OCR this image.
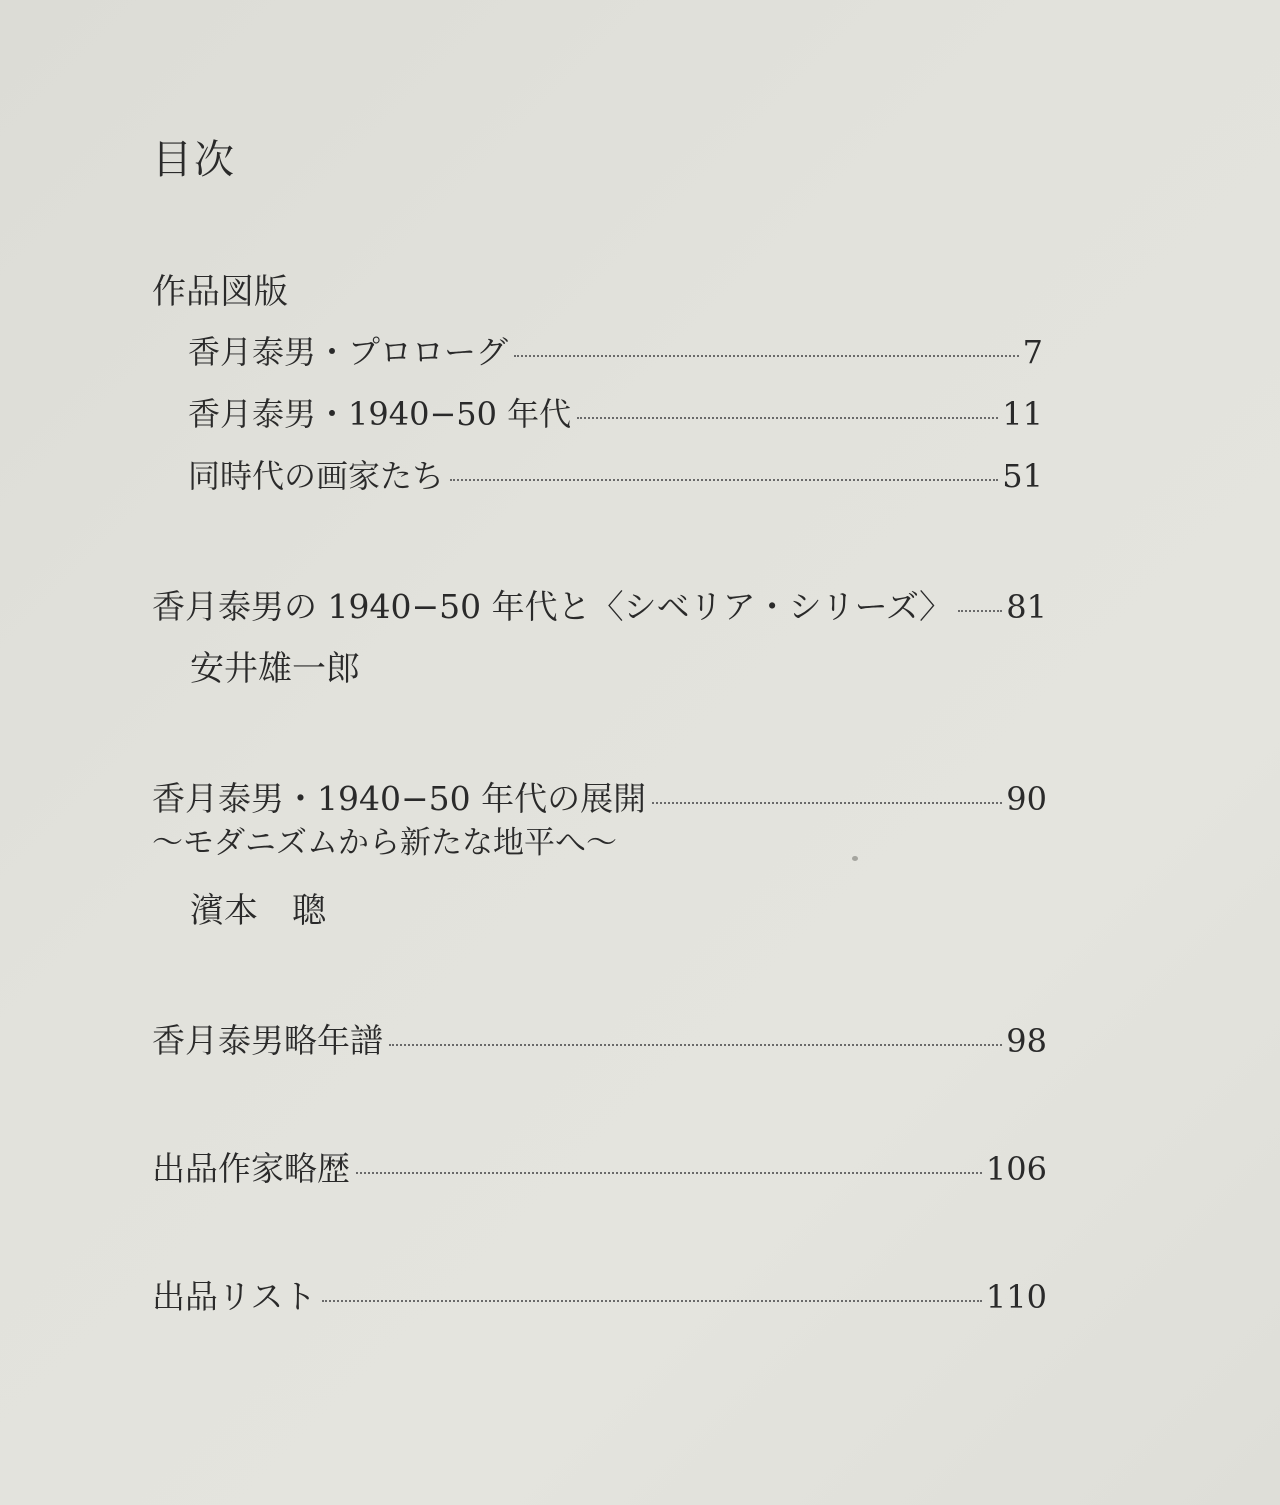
目次
作品図版
香月泰男・プロローグ	7
香月泰男・1940−50 年代	11
同時代の画家たち	51
香月泰男の 1940−50 年代と〈シベリア・シリーズ〉 81
安井雄一郎
香月泰男・1940−50 年代の展開	90
〜モダニズムから新たな地平へ〜
濱本　聰
香月泰男略年譜	98
出品作家略歴	106
出品リスト	110
